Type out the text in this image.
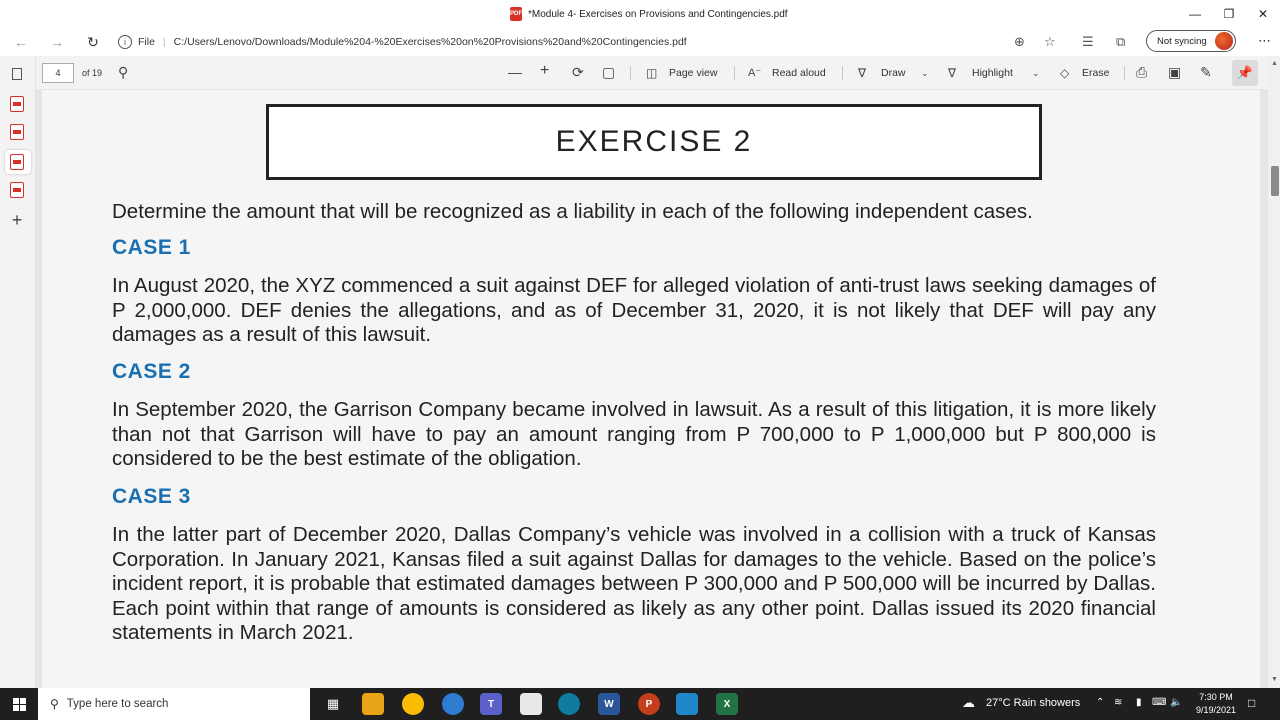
PDF *Module 4- Exercises on Provisions and Contingencies.pdf	—	❐	✕
← →	↻	i	File | C:/Users/Lenovo/Downloads/Module%204-%20Exercises%20on%20Provisions%20and%20Contingencies.pdf	⊕ ☆ ☰ ⧉	Not syncing	⋯
+
4	of 19 ⚲	— + ⟳ ▢	◫ Page view	A⁻ Read aloud	∇ Draw ⌄ ∇ Highlight ⌄ ◇ Erase ⎙ ▣ ✎	📌
▲
▼
EXERCISE 2
Determine the amount that will be recognized as a liability in each of the following independent cases.
CASE 1
In August 2020, the XYZ commenced a suit against DEF for alleged violation of anti-trust laws seeking damages of P 2,000,000. DEF denies the allegations, and as of December 31, 2020, it is not likely that DEF will pay any damages as a result of this lawsuit.
CASE 2
In September 2020, the Garrison Company became involved in lawsuit. As a result of this litigation, it is more likely than not that Garrison will have to pay an amount ranging from P 700,000 to P 1,000,000 but P 800,000 is considered to be the best estimate of the obligation.
CASE 3
In the latter part of December 2020, Dallas Company’s vehicle was involved in a collision with a truck of Kansas Corporation. In January 2021, Kansas filed a suit against Dallas for damages to the vehicle. Based on the police’s incident report, it is probable that estimated damages between P 300,000 and P 500,000 will be incurred by Dallas. Each point within that range of amounts is considered as likely as any other point. Dallas issued its 2020 financial statements in March 2021.
⚲ Type here to search	▦	T	W	P	X	☁ 27°C Rain showers ⌃ ≋ ▮ ⌨ 🔈	7:30 PM
9/19/2021 □
